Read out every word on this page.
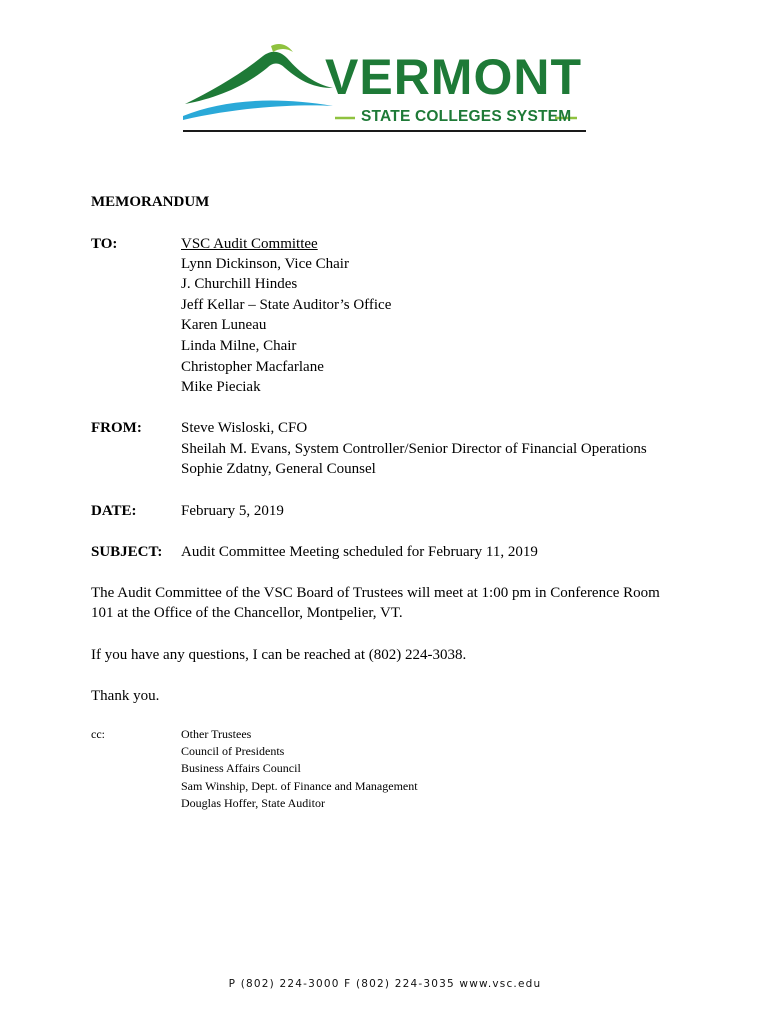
VERMONT
STATE COLLEGES SYSTEM
MEMORANDUM
TO:	VSC Audit Committee
Lynn Dickinson, Vice Chair
J. Churchill Hindes
Jeff Kellar – State Auditor’s Office
Karen Luneau
Linda Milne, Chair
Christopher Macfarlane
Mike Pieciak
FROM:	Steve Wisloski, CFO
Sheilah M. Evans, System Controller/Senior Director of Financial Operations
Sophie Zdatny, General Counsel
DATE:	February 5, 2019
SUBJECT: Audit Committee Meeting scheduled for February 11, 2019
The Audit Committee of the VSC Board of Trustees will meet at 1:00 pm in Conference Room
101 at the Office of the Chancellor, Montpelier, VT.
If you have any questions, I can be reached at (802) 224-3038.
Thank you.
cc:	Other Trustees
Council of Presidents
Business Affairs Council
Sam Winship, Dept. of Finance and Management
Douglas Hoffer, State Auditor
P (802) 224-3000 F (802) 224-3035 www.vsc.edu
